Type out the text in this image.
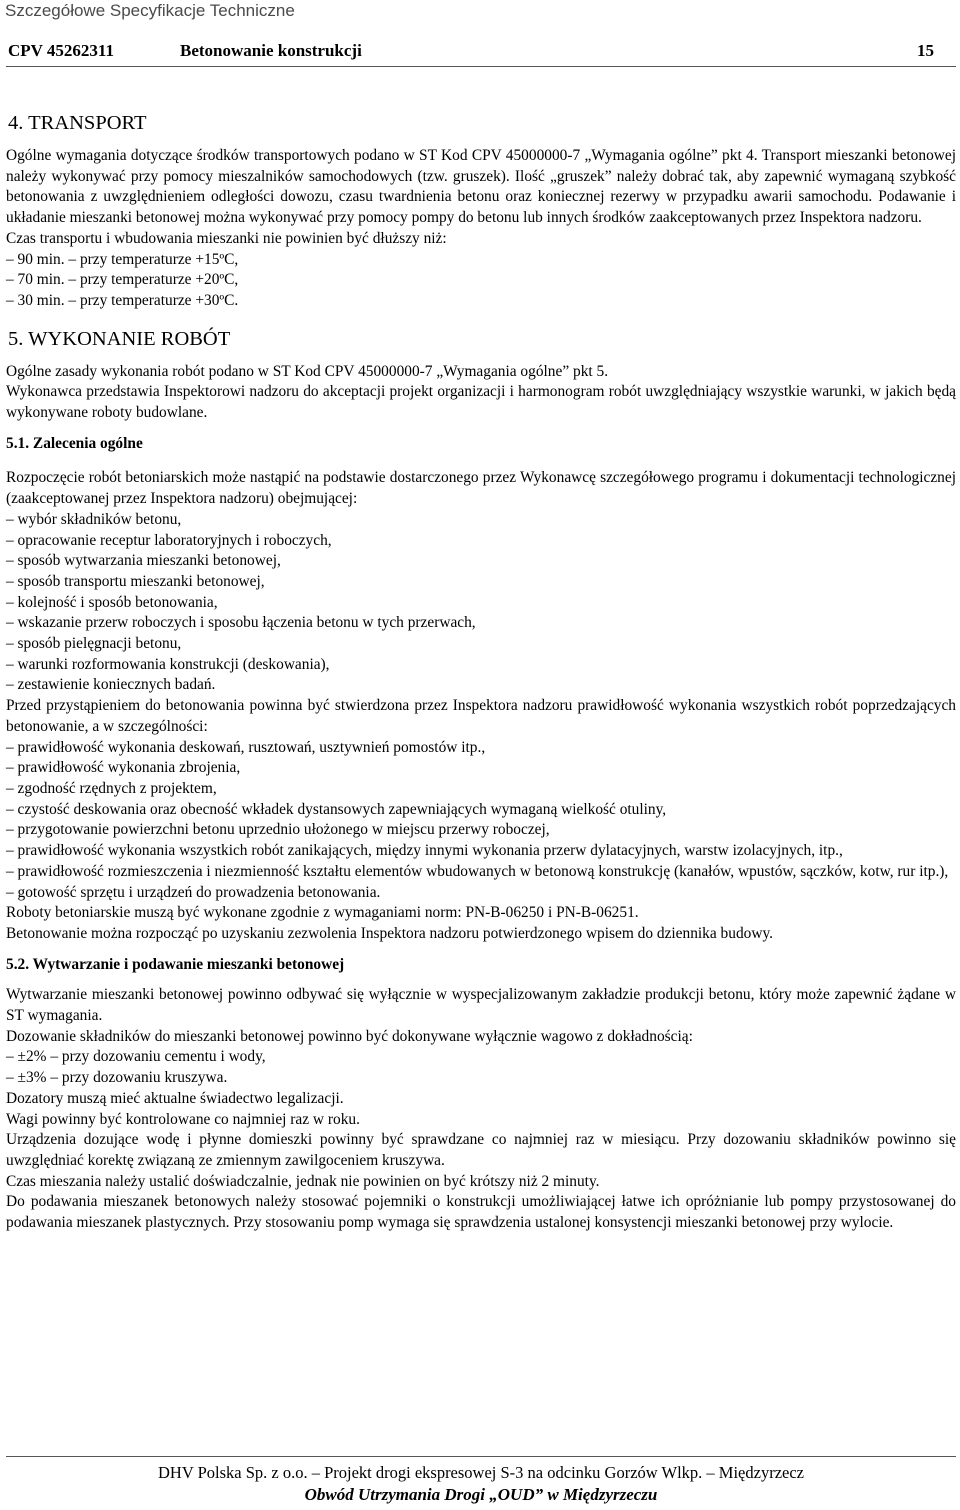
Szczegółowe Specyfikacje Techniczne
CPV 45262311	Betonowanie konstrukcji	15
4. TRANSPORT

Ogólne wymagania dotyczące środków transportowych podano w ST Kod CPV 45000000-7 „Wymagania ogólne” pkt 4. Transport mieszanki betonowej należy wykonywać przy pomocy mieszalników samochodowych (tzw. gruszek). Ilość „gruszek” należy dobrać tak, aby zapewnić wymaganą szybkość betonowania z uwzględnieniem odległości dowozu, czasu twardnienia betonu oraz koniecznej rezerwy w przypadku awarii samochodu. Podawanie i układanie mieszanki betonowej można wykonywać przy pomocy pompy do betonu lub innych środków zaakceptowanych przez Inspektora nadzoru.

Czas transportu i wbudowania mieszanki nie powinien być dłuższy niż:

– 90 min. – przy temperaturze +15ºC,

– 70 min. – przy temperaturze +20ºC,

– 30 min. – przy temperaturze +30ºC.

5. WYKONANIE ROBÓT

Ogólne zasady wykonania robót podano w ST Kod CPV 45000000-7 „Wymagania ogólne” pkt 5.

Wykonawca przedstawia Inspektorowi nadzoru do akceptacji projekt organizacji i harmonogram robót uwzględniający wszystkie warunki, w jakich będą wykonywane roboty budowlane.

5.1. Zalecenia ogólne

Rozpoczęcie robót betoniarskich może nastąpić na podstawie dostarczonego przez Wykonawcę szczegółowego programu i dokumentacji technologicznej (zaakceptowanej przez Inspektora nadzoru) obejmującej:

– wybór składników betonu,

– opracowanie receptur laboratoryjnych i roboczych,

– sposób wytwarzania mieszanki betonowej,

– sposób transportu mieszanki betonowej,

– kolejność i sposób betonowania,

– wskazanie przerw roboczych i sposobu łączenia betonu w tych przerwach,

– sposób pielęgnacji betonu,

– warunki rozformowania konstrukcji (deskowania),

– zestawienie koniecznych badań.

Przed przystąpieniem do betonowania powinna być stwierdzona przez Inspektora nadzoru prawidłowość wykonania wszystkich robót poprzedzających betonowanie, a w szczególności:

– prawidłowość wykonania deskowań, rusztowań, usztywnień pomostów itp.,

– prawidłowość wykonania zbrojenia,

– zgodność rzędnych z projektem,

– czystość deskowania oraz obecność wkładek dystansowych zapewniających wymaganą wielkość otuliny,

– przygotowanie powierzchni betonu uprzednio ułożonego w miejscu przerwy roboczej,

– prawidłowość wykonania wszystkich robót zanikających, między innymi wykonania przerw dylatacyjnych, warstw izolacyjnych, itp.,

– prawidłowość rozmieszczenia i niezmienność kształtu elementów wbudowanych w betonową konstrukcję (kanałów, wpustów, sączków, kotw, rur itp.),

– gotowość sprzętu i urządzeń do prowadzenia betonowania.

Roboty betoniarskie muszą być wykonane zgodnie z wymaganiami norm: PN-B-06250 i PN-B-06251.

Betonowanie można rozpocząć po uzyskaniu zezwolenia Inspektora nadzoru potwierdzonego wpisem do dziennika budowy.

5.2. Wytwarzanie i podawanie mieszanki betonowej

Wytwarzanie mieszanki betonowej powinno odbywać się wyłącznie w wyspecjalizowanym zakładzie produkcji betonu, który może zapewnić żądane w ST wymagania.

Dozowanie składników do mieszanki betonowej powinno być dokonywane wyłącznie wagowo z dokładnością:

– ±2% – przy dozowaniu cementu i wody,

– ±3% – przy dozowaniu kruszywa.

Dozatory muszą mieć aktualne świadectwo legalizacji.

Wagi powinny być kontrolowane co najmniej raz w roku.

Urządzenia dozujące wodę i płynne domieszki powinny być sprawdzane co najmniej raz w miesiącu. Przy dozowaniu składników powinno się uwzględniać korektę związaną ze zmiennym zawilgoceniem kruszywa.

Czas mieszania należy ustalić doświadczalnie, jednak nie powinien on być krótszy niż 2 minuty.

Do podawania mieszanek betonowych należy stosować pojemniki o konstrukcji umożliwiającej łatwe ich opróżnianie lub pompy przystosowanej do podawania mieszanek plastycznych. Przy stosowaniu pomp wymaga się sprawdzenia ustalonej konsystencji mieszanki betonowej przy wylocie.

DHV Polska Sp. z o.o. – Projekt drogi ekspresowej S-3 na odcinku Gorzów Wlkp. – Międzyrzecz
Obwód Utrzymania Drogi „OUD” w Międzyrzeczu
